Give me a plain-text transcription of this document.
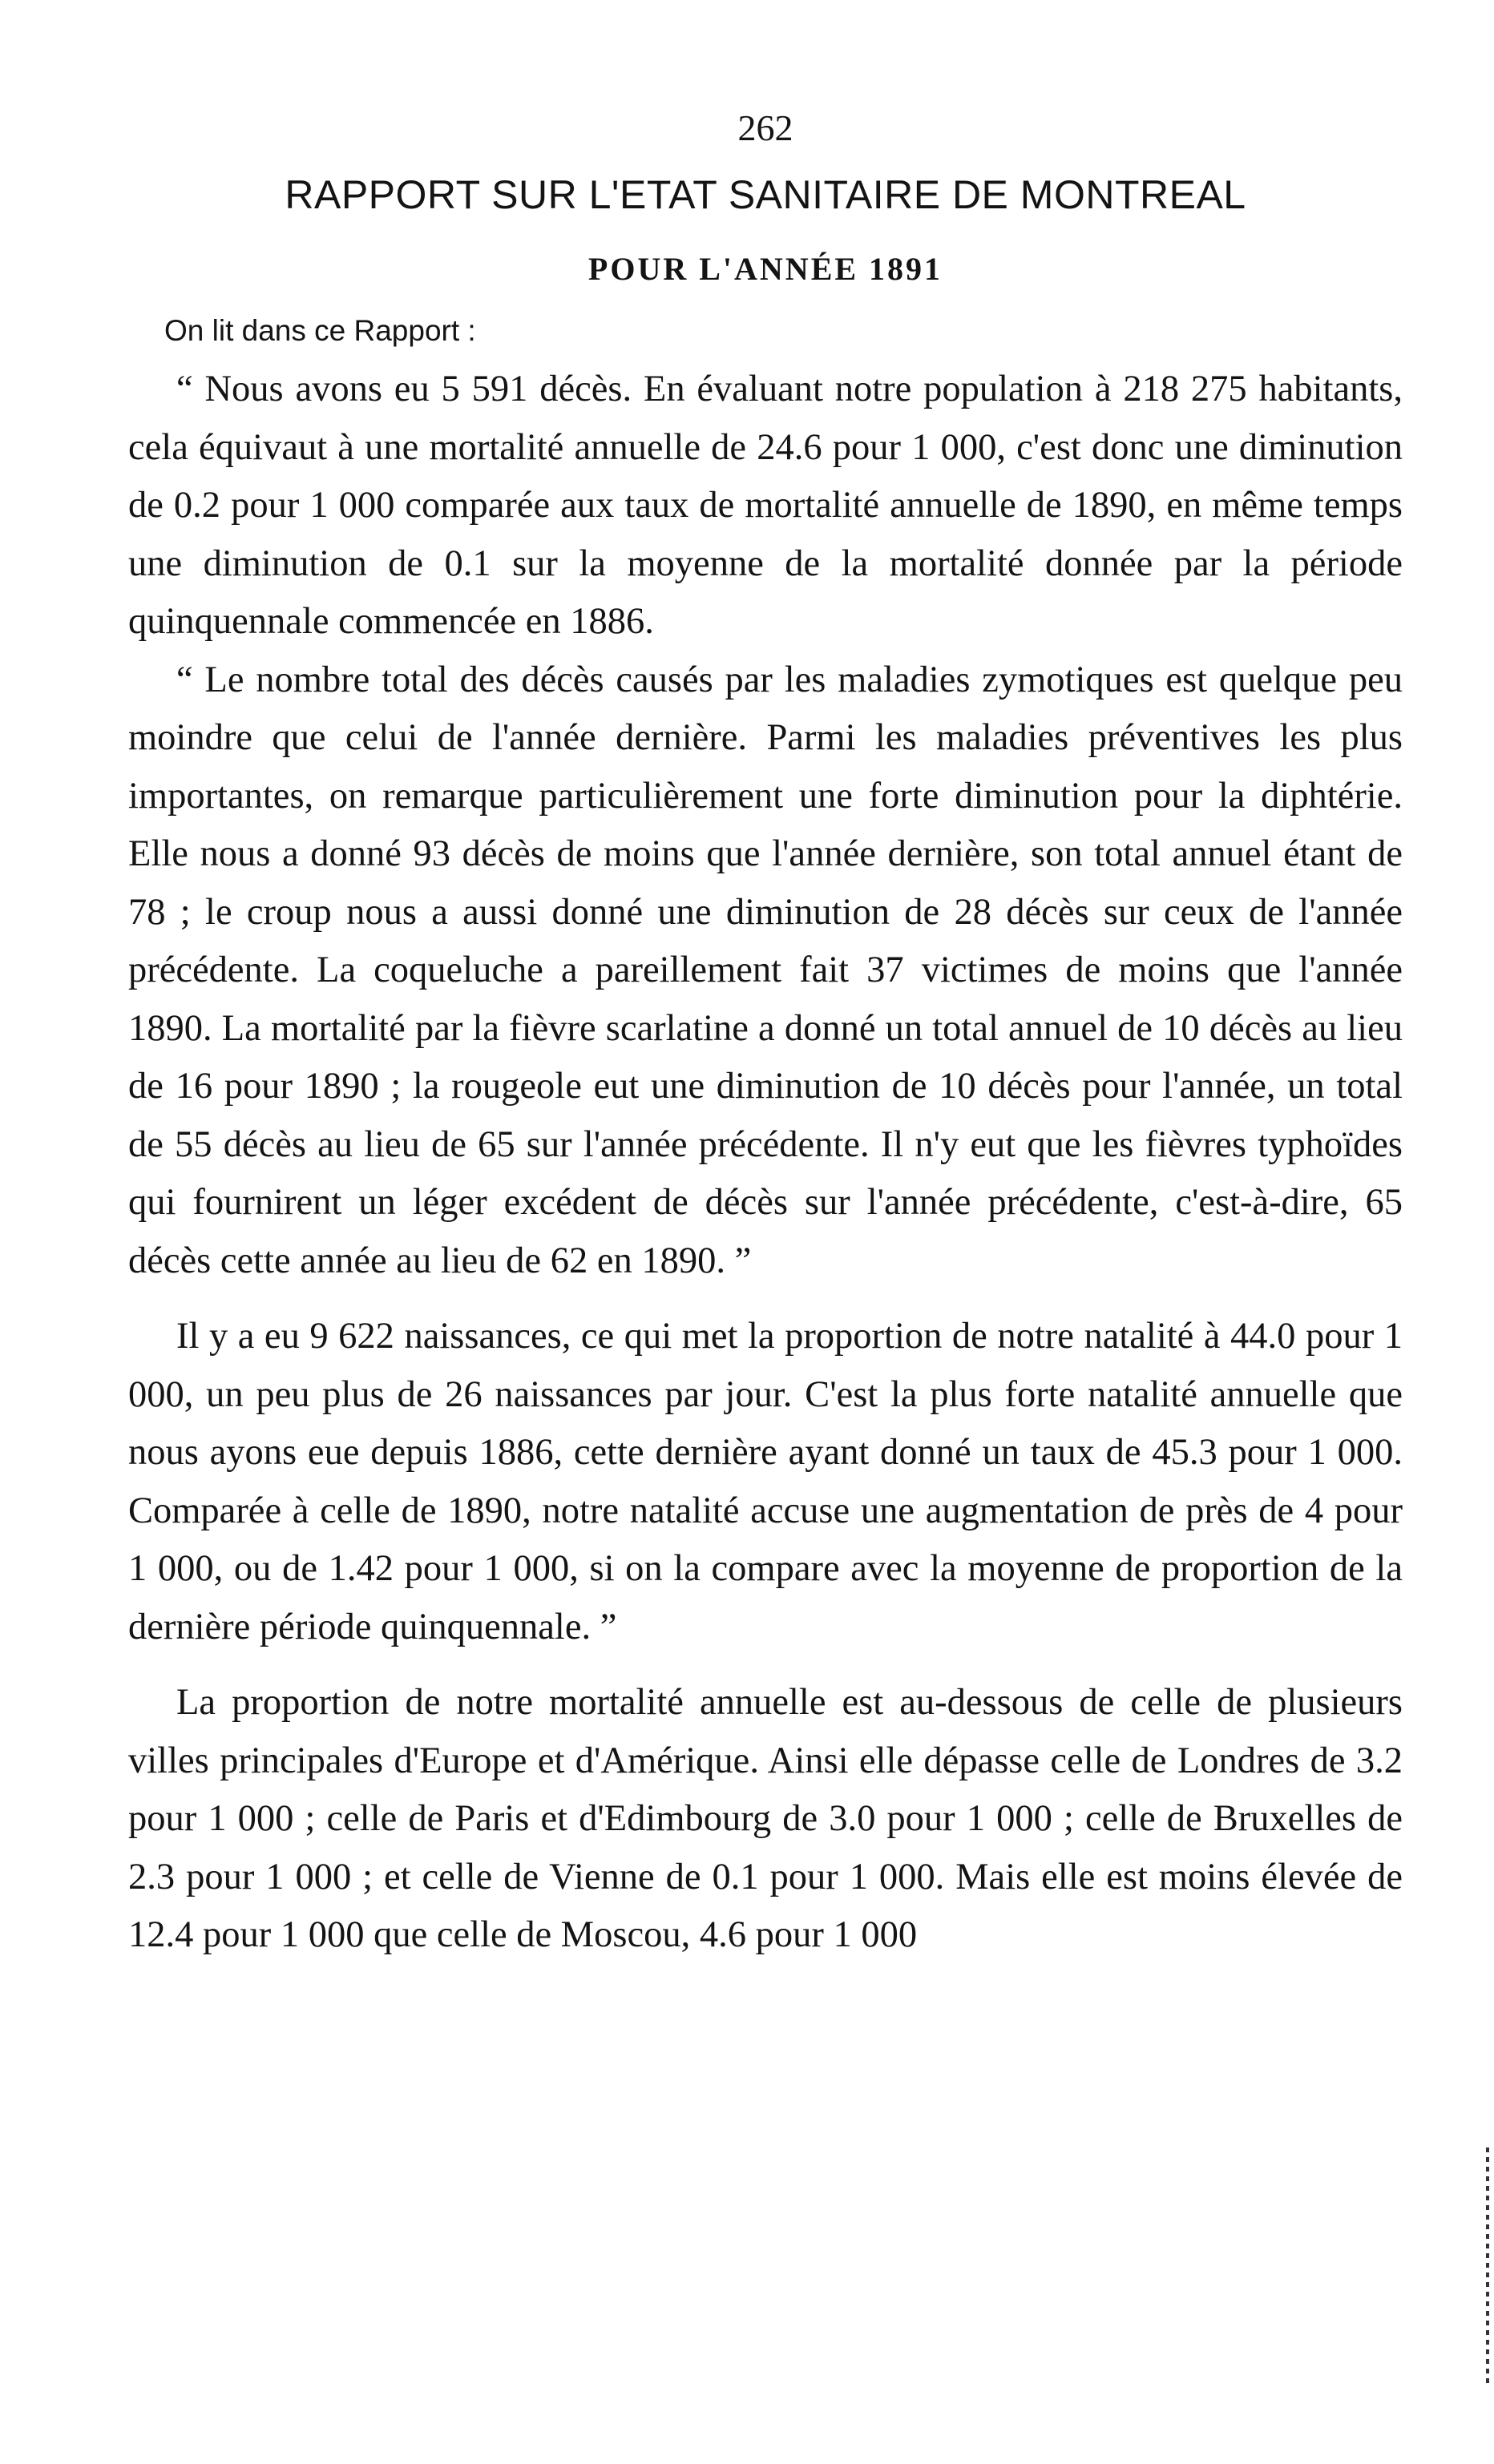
262
RAPPORT SUR L'ETAT SANITAIRE DE MONTREAL
POUR L'ANNÉE 1891
On lit dans ce Rapport :

“ Nous avons eu 5 591 décès. En évaluant notre population à 218 275 habitants, cela équivaut à une mortalité annuelle de 24.6 pour 1 000, c'est donc une diminution de 0.2 pour 1 000 comparée aux taux de mortalité annuelle de 1890, en même temps une diminution de 0.1 sur la moyenne de la mortalité donnée par la période quinquennale commencée en 1886.

“ Le nombre total des décès causés par les maladies zymotiques est quelque peu moindre que celui de l'année dernière. Parmi les maladies préventives les plus importantes, on remarque particulièrement une forte diminution pour la diphtérie. Elle nous a donné 93 décès de moins que l'année dernière, son total annuel étant de 78 ; le croup nous a aussi donné une diminution de 28 décès sur ceux de l'année précédente. La coqueluche a pareillement fait 37 victimes de moins que l'année 1890. La mortalité par la fièvre scarlatine a donné un total annuel de 10 décès au lieu de 16 pour 1890 ; la rougeole eut une diminution de 10 décès pour l'année, un total de 55 décès au lieu de 65 sur l'année précédente. Il n'y eut que les fièvres typhoïdes qui fournirent un léger excédent de décès sur l'année précédente, c'est-à-dire, 65 décès cette année au lieu de 62 en 1890. ”

Il y a eu 9 622 naissances, ce qui met la proportion de notre natalité à 44.0 pour 1 000, un peu plus de 26 naissances par jour. C'est la plus forte natalité annuelle que nous ayons eue depuis 1886, cette dernière ayant donné un taux de 45.3 pour 1 000. Comparée à celle de 1890, notre natalité accuse une augmentation de près de 4 pour 1 000, ou de 1.42 pour 1 000, si on la compare avec la moyenne de proportion de la dernière période quinquennale. ”

La proportion de notre mortalité annuelle est au-dessous de celle de plusieurs villes principales d'Europe et d'Amérique. Ainsi elle dépasse celle de Londres de 3.2 pour 1 000 ; celle de Paris et d'Edimbourg de 3.0 pour 1 000 ; celle de Bruxelles de 2.3 pour 1 000 ; et celle de Vienne de 0.1 pour 1 000. Mais elle est moins élevée de 12.4 pour 1 000 que celle de Moscou, 4.6 pour 1 000
